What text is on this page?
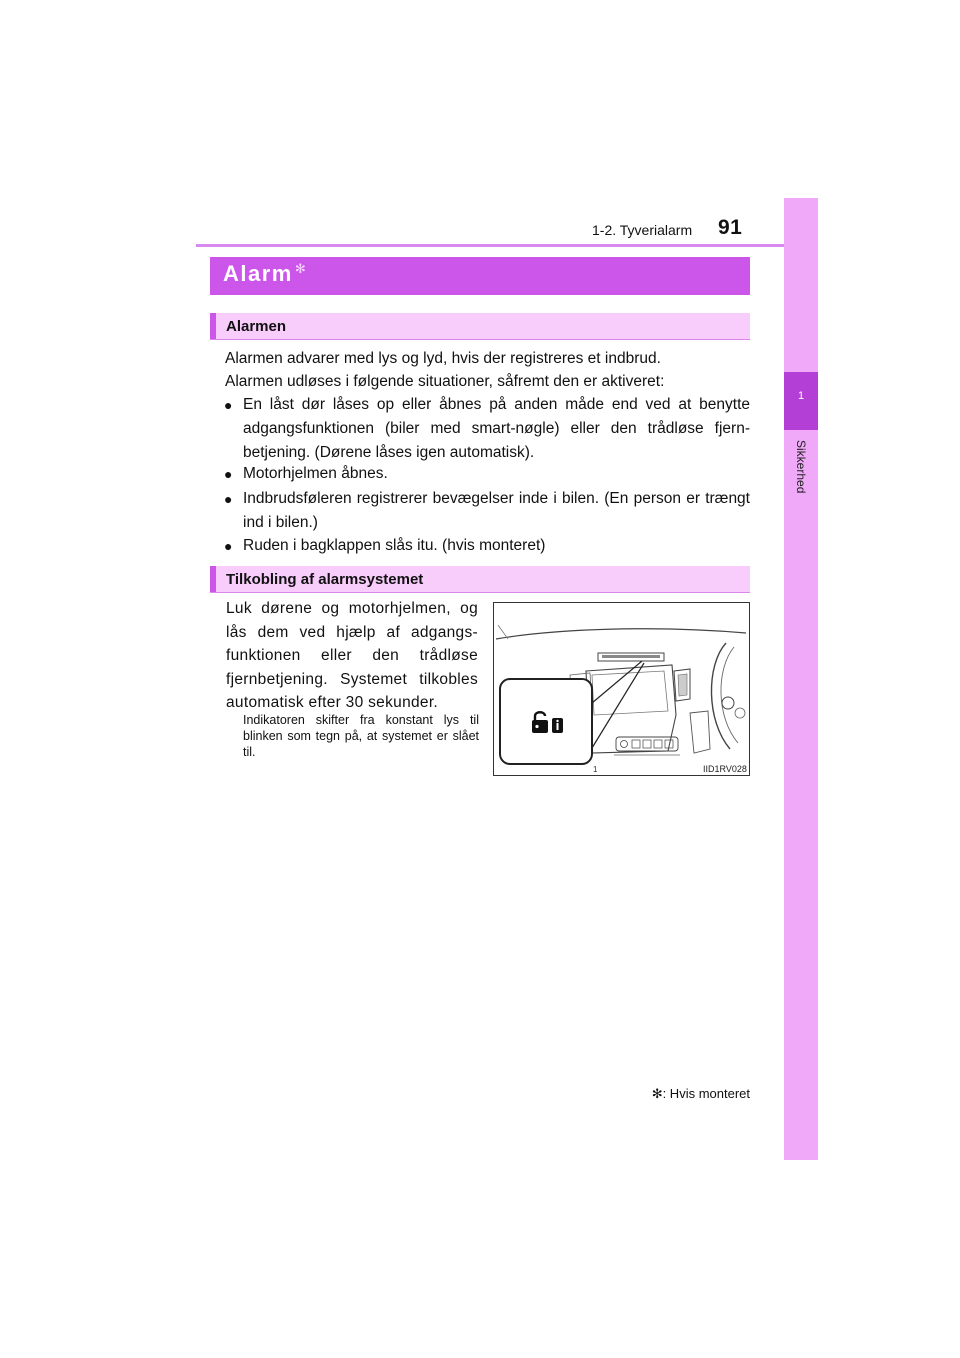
1-2. Tyverialarm 91
1
Sikkerhed
Alarm ✻
Alarmen
Alarmen advarer med lys og lyd, hvis der registreres et indbrud.
Alarmen udløses i følgende situationer, såfremt den er aktiveret:
● En låst dør låses op eller åbnes på anden måde end ved at benytte adgangsfunktionen (biler med smart-nøgle) eller den trådløse fjern-betjening. (Dørene låses igen automatisk).
● Motorhjelmen åbnes.
● Indbrudsføleren registrerer bevægelser inde i bilen. (En person er trængt ind i bilen.)
● Ruden i bagklappen slås itu. (hvis monteret)
Tilkobling af alarmsystemet
Luk dørene og motorhjelmen, og lås dem ved hjælp af adgangs-funktionen eller den trådløse fjernbetjening. Systemet tilkobles automatisk efter 30 sekunder.
Indikatoren skifter fra konstant lys til blinken som tegn på, at systemet er slået til.
1	IID1RV028
✻: Hvis monteret
